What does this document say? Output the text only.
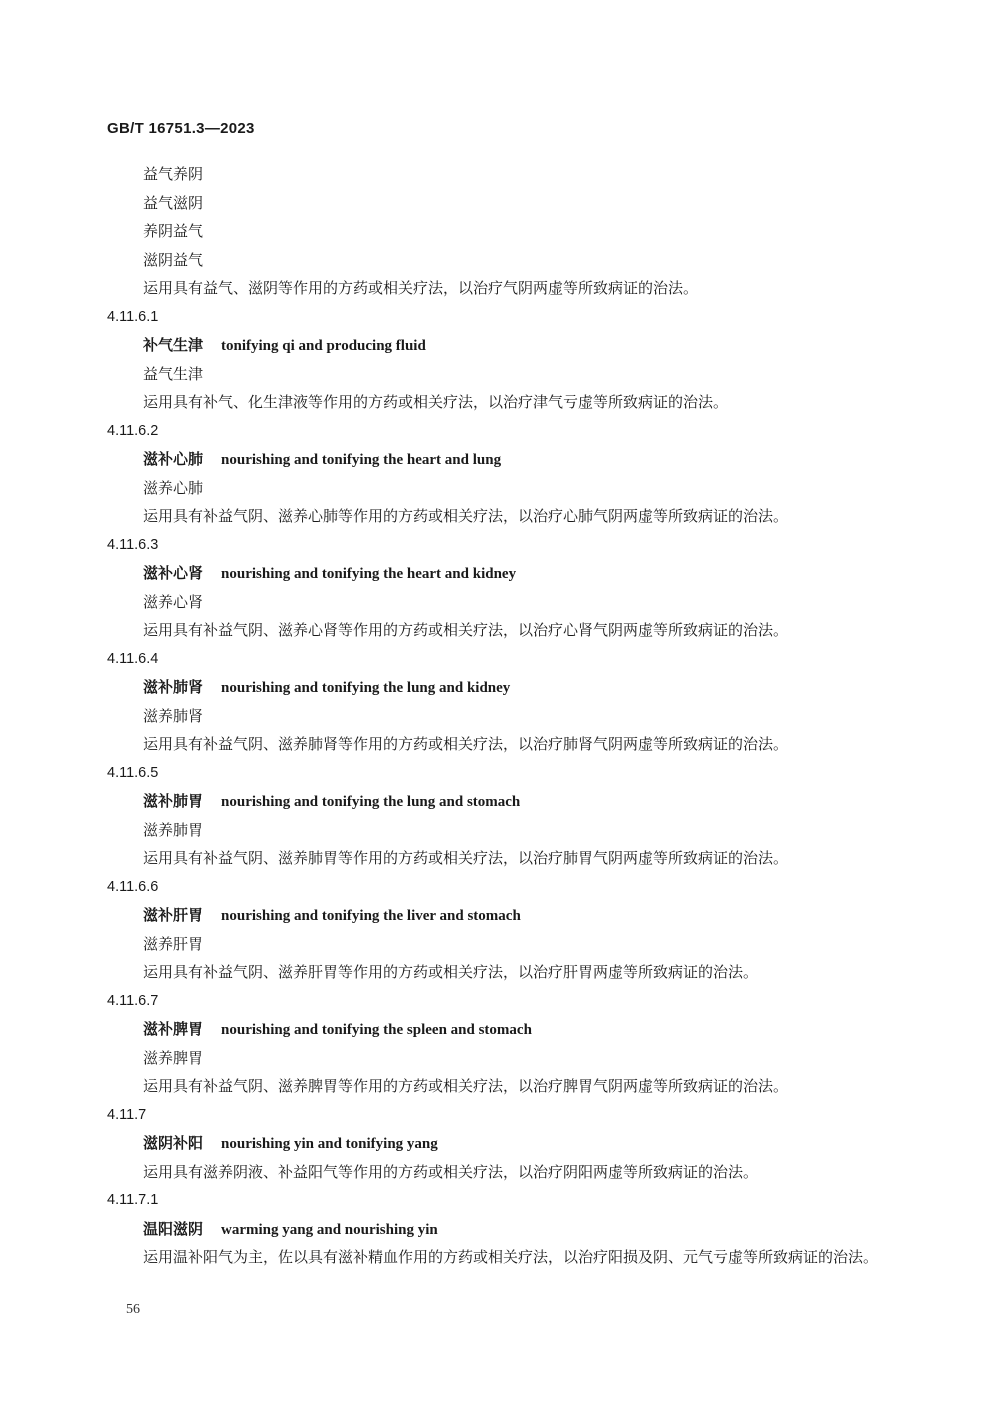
GB/T 16751.3—2023
益气养阴
益气滋阴
养阴益气
滋阴益气
运用具有益气、滋阴等作用的方药或相关疗法，以治疗气阴两虚等所致病证的治法。
4.11.6.1
补气生津 tonifying qi and producing fluid
益气生津
运用具有补气、化生津液等作用的方药或相关疗法，以治疗津气亏虚等所致病证的治法。
4.11.6.2
滋补心肺 nourishing and tonifying the heart and lung
滋养心肺
运用具有补益气阴、滋养心肺等作用的方药或相关疗法，以治疗心肺气阴两虚等所致病证的治法。
4.11.6.3
滋补心肾 nourishing and tonifying the heart and kidney
滋养心肾
运用具有补益气阴、滋养心肾等作用的方药或相关疗法，以治疗心肾气阴两虚等所致病证的治法。
4.11.6.4
滋补肺肾 nourishing and tonifying the lung and kidney
滋养肺肾
运用具有补益气阴、滋养肺肾等作用的方药或相关疗法，以治疗肺肾气阴两虚等所致病证的治法。
4.11.6.5
滋补肺胃 nourishing and tonifying the lung and stomach
滋养肺胃
运用具有补益气阴、滋养肺胃等作用的方药或相关疗法，以治疗肺胃气阴两虚等所致病证的治法。
4.11.6.6
滋补肝胃 nourishing and tonifying the liver and stomach
滋养肝胃
运用具有补益气阴、滋养肝胃等作用的方药或相关疗法，以治疗肝胃两虚等所致病证的治法。
4.11.6.7
滋补脾胃 nourishing and tonifying the spleen and stomach
滋养脾胃
运用具有补益气阴、滋养脾胃等作用的方药或相关疗法，以治疗脾胃气阴两虚等所致病证的治法。
4.11.7
滋阴补阳 nourishing yin and tonifying yang
运用具有滋养阴液、补益阳气等作用的方药或相关疗法，以治疗阴阳两虚等所致病证的治法。
4.11.7.1
温阳滋阴 warming yang and nourishing yin
运用温补阳气为主，佐以具有滋补精血作用的方药或相关疗法，以治疗阳损及阴、元气亏虚等所致病证的治法。
56
